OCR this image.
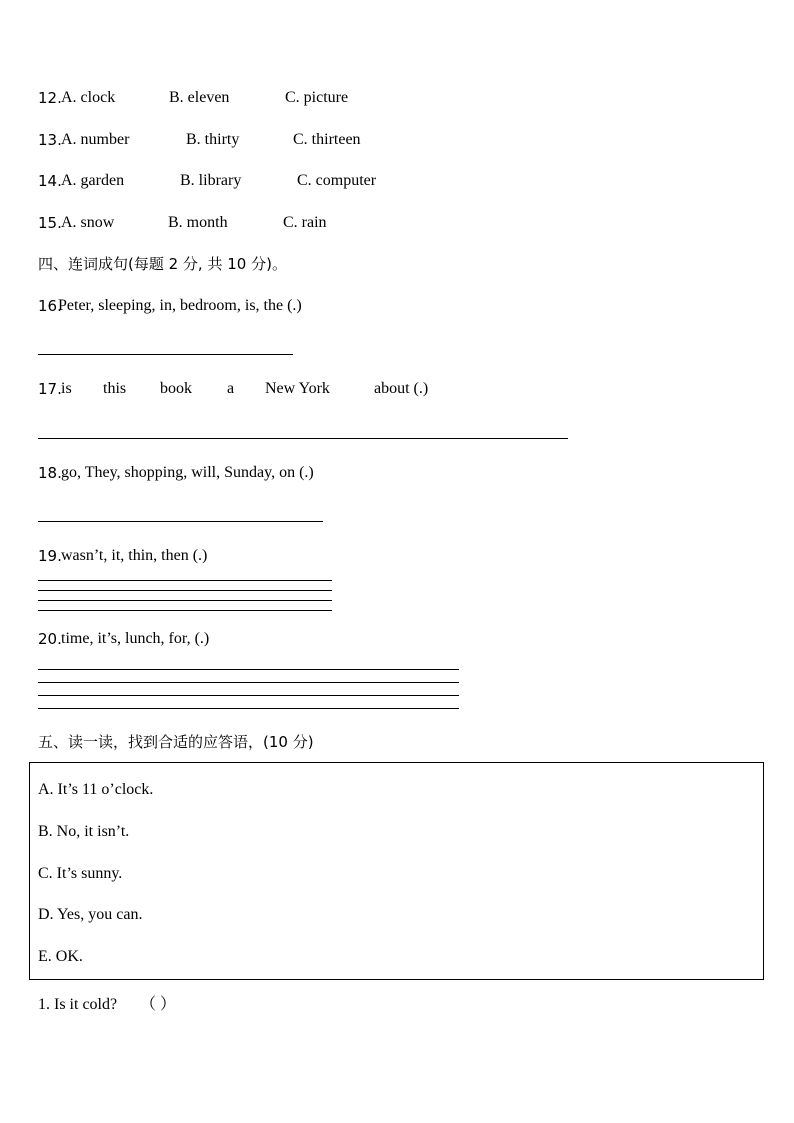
12. A. clock	B. eleven	C. picture
13. A. number	B. thirty	C. thirteen
14. A. garden	B. library	C. computer
15. A. snow	B. month	C. rain
四、连词成句(每题 2 分, 共 10 分)。
16.
Peter, sleeping, in, bedroom, is, the (.)
17. is this book a New York	about (.)
18. go, They, shopping, will, Sunday, on (.)
19. wasn’t, it, thin, then (.)
20. time, it’s, lunch, for, (.)
五、读一读，找到合适的应答语，(10 分)
A. It’s 11 o’clock.
B. No, it isn’t.
C. It’s sunny.
D. Yes, you can.
E. OK.
1. Is it cold? （ ）
